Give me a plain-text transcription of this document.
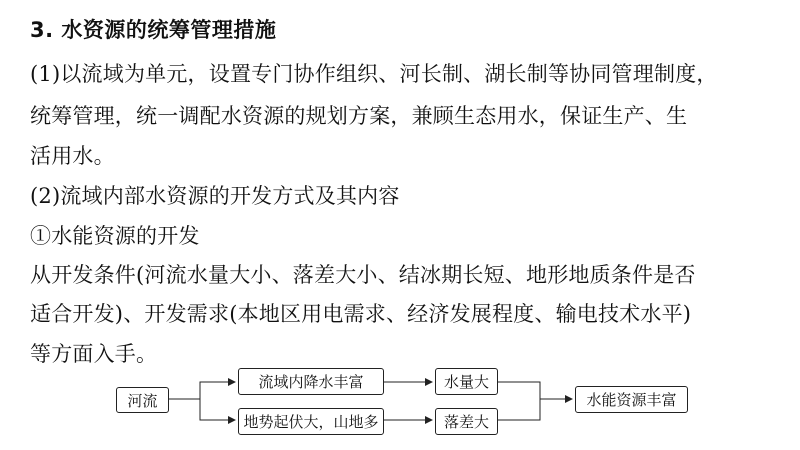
3. 水资源的统筹管理措施
(1)以流域为单元，设置专门协作组织、河长制、湖长制等协同管理制度，
统筹管理，统一调配水资源的规划方案，兼顾生态用水，保证生产、生
活用水。
(2)流域内部水资源的开发方式及其内容
①水能资源的开发
从开发条件(河流水量大小、落差大小、结冰期长短、地形地质条件是否
适合开发)、开发需求(本地区用电需求、经济发展程度、输电技术水平)
等方面入手。
河流
流域内降水丰富
地势起伏大，山地多
水量大
落差大
水能资源丰富
